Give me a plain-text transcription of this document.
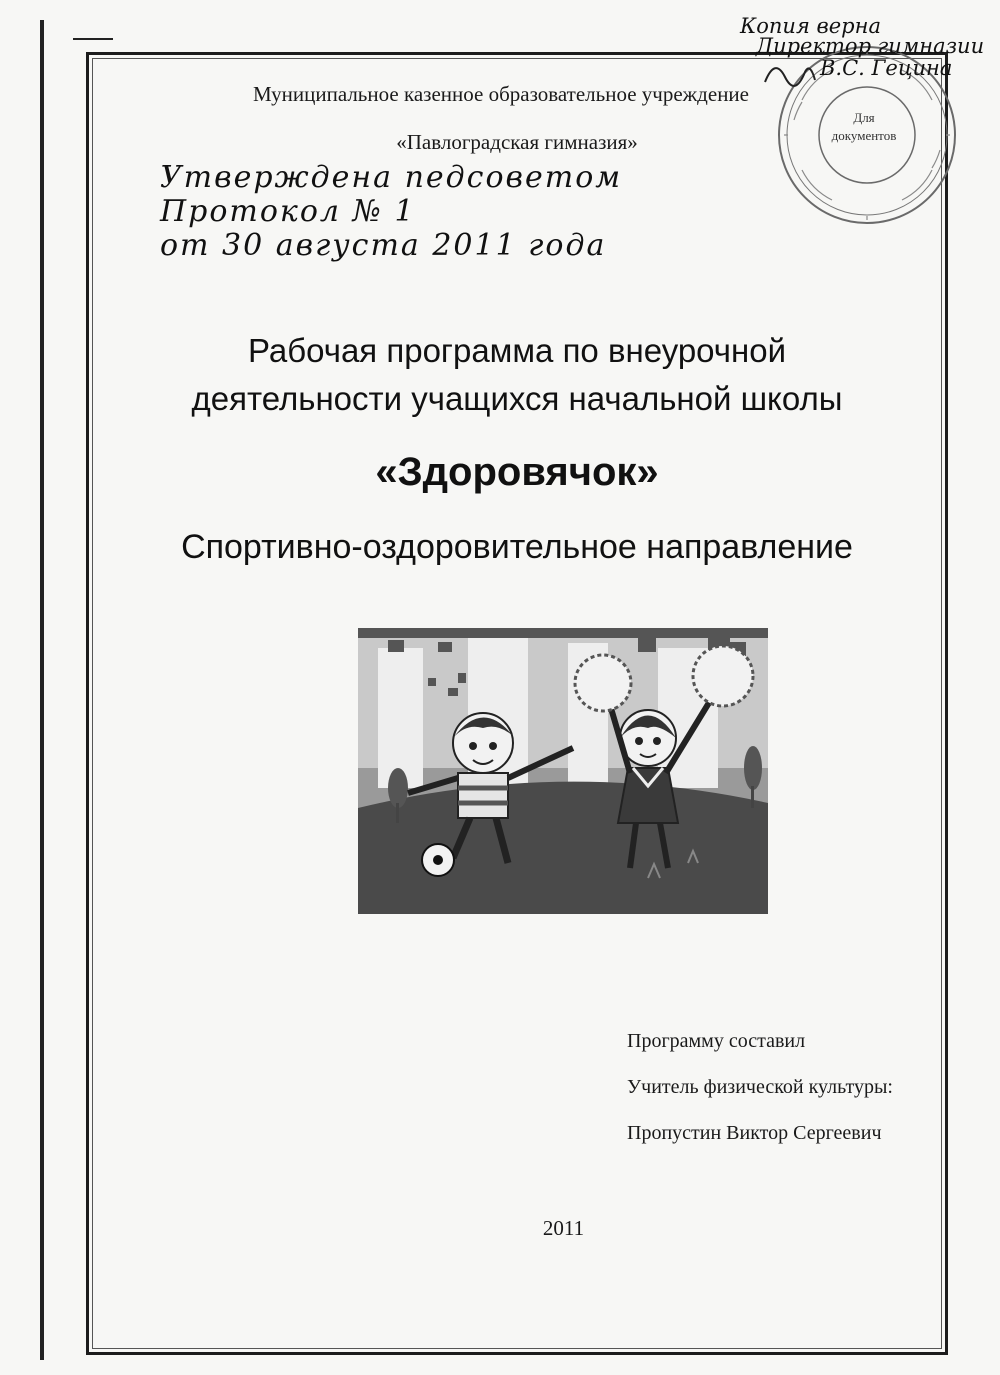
Муниципальное казенное образовательное учреждение
«Павлоградская гимназия»
Для
документов
Копия верна
Директор гимназии
В.С. Гецина
Утверждена педсоветом
Протокол № 1
от 30 августа 2011 года
Рабочая программа по внеурочной
деятельности учащихся начальной школы
«Здоровячок»
Спортивно-оздоровительное направление
Программу составил
Учитель физической культуры:
Пропустин Виктор Сергеевич
2011
